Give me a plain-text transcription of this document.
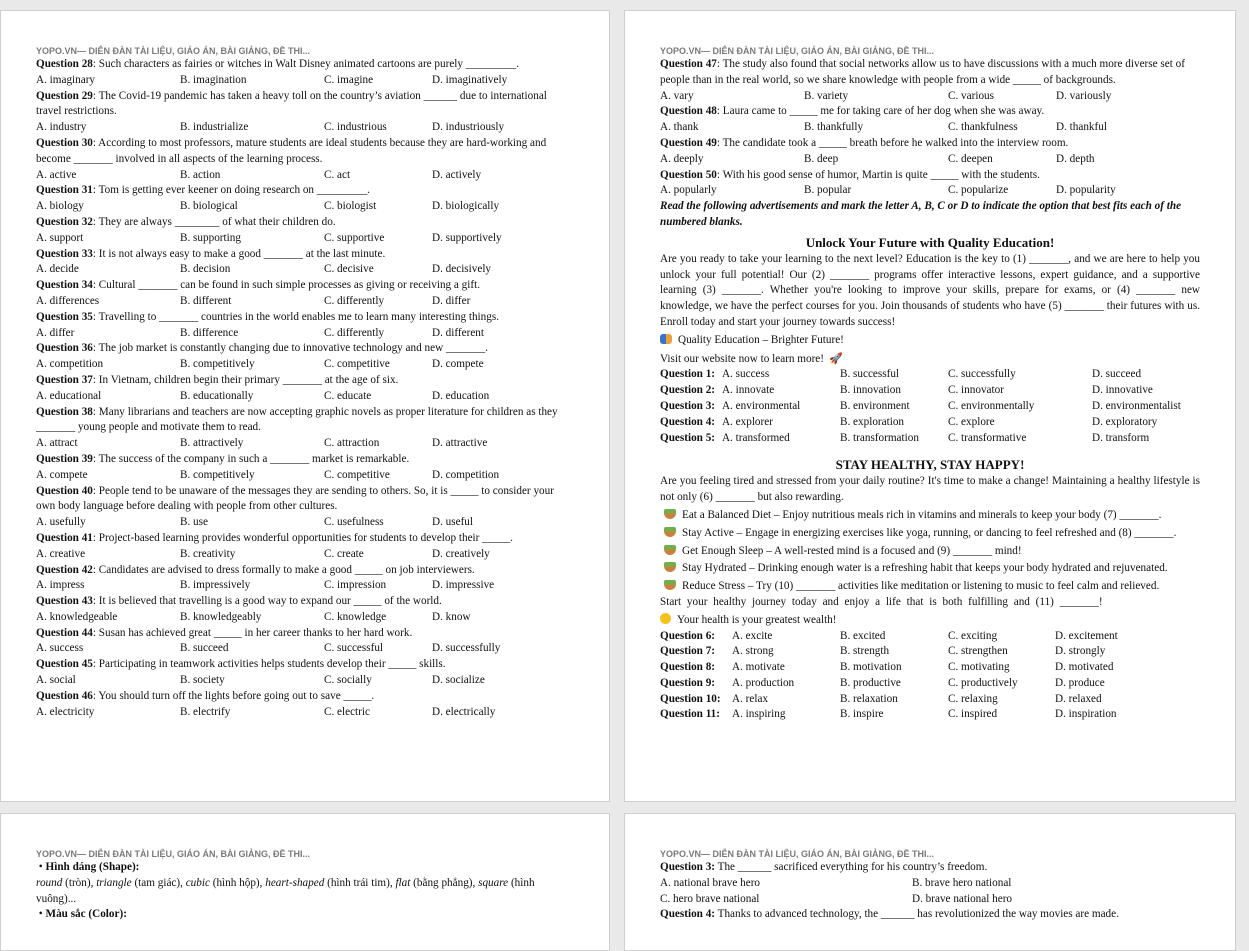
YOPO.VN— DIỄN ĐÀN TÀI LIỆU, GIÁO ÁN, BÀI GIẢNG, ĐỀ THI...
Question 28: Such characters as fairies or witches in Walt Disney animated cartoons are purely _________.
A. imaginary	B. imagination	C. imagine	D. imaginatively
Question 29: The Covid-19 pandemic has taken a heavy toll on the country’s aviation ______ due to international travel restrictions.
A. industry	B. industrialize	C. industrious	D. industriously
Question 30: According to most professors, mature students are ideal students because they are hard-working and become _______ involved in all aspects of the learning process.
A. active	B. action	C. act	D. actively
Question 31: Tom is getting ever keener on doing research on _________.
A. biology	B. biological	C. biologist	D. biologically
Question 32: They are always ________ of what their children do.
A. support	B. supporting	C. supportive	D. supportively
Question 33: It is not always easy to make a good _______ at the last minute.
A. decide	B. decision	C. decisive	D. decisively
Question 34: Cultural _______ can be found in such simple processes as giving or receiving a gift.
A. differences	B. different	C. differently	D. differ
Question 35: Travelling to _______ countries in the world enables me to learn many interesting things.
A. differ	B. difference	C. differently	D. different
Question 36: The job market is constantly changing due to innovative technology and new _______.
A. competition	B. competitively	C. competitive	D. compete
Question 37: In Vietnam, children begin their primary _______ at the age of six.
A. educational	B. educationally	C. educate	D. education
Question 38: Many librarians and teachers are now accepting graphic novels as proper literature for children as they _______ young people and motivate them to read.
A. attract	B. attractively	C. attraction	D. attractive
Question 39: The success of the company in such a _______ market is remarkable.
A. compete	B. competitively	C. competitive	D. competition
Question 40: People tend to be unaware of the messages they are sending to others. So, it is _____ to consider your own body language before dealing with people from other cultures.
A. usefully	B. use	C. usefulness	D. useful
Question 41: Project-based learning provides wonderful opportunities for students to develop their _____.
A. creative	B. creativity	C. create	D. creatively
Question 42: Candidates are advised to dress formally to make a good _____ on job interviewers.
A. impress	B. impressively	C. impression	D. impressive
Question 43: It is believed that travelling is a good way to expand our _____ of the world.
A. knowledgeable	B. knowledgeably	C. knowledge	D. know
Question 44: Susan has achieved great _____ in her career thanks to her hard work.
A. success	B. succeed	C. successful	D. successfully
Question 45: Participating in teamwork activities helps students develop their _____ skills.
A. social	B. society	C. socially	D. socialize
Question 46: You should turn off the lights before going out to save _____.
A. electricity	B. electrify	C. electric	D. electrically
YOPO.VN— DIỄN ĐÀN TÀI LIỆU, GIÁO ÁN, BÀI GIẢNG, ĐỀ THI...
Question 47: The study also found that social networks allow us to have discussions with a much more diverse set of people than in the real world, so we share knowledge with people from a wide _____ of backgrounds.
A. vary	B. variety	C. various	D. variously
Question 48: Laura came to _____ me for taking care of her dog when she was away.
A. thank	B. thankfully	C. thankfulness	D. thankful
Question 49: The candidate took a _____ breath before he walked into the interview room.
A. deeply	B. deep	C. deepen	D. depth
Question 50: With his good sense of humor, Martin is quite _____ with the students.
A. popularly	B. popular	C. popularize	D. popularity
Read the following advertisements and mark the letter A, B, C or D to indicate the option that best fits each of the numbered blanks.
Unlock Your Future with Quality Education!
Are you ready to take your learning to the next level? Education is the key to (1) _______, and we are here to help you unlock your full potential! Our (2) _______ programs offer interactive lessons, expert guidance, and a supportive learning (3) _______. Whether you're looking to improve your skills, prepare for exams, or (4) _______ new knowledge, we have the perfect courses for you. Join thousands of students who have (5) _______ their futures with us. Enroll today and start your journey towards success!
Quality Education – Brighter Future!
Visit our website now to learn more! 🚀
Question 1: A. success	B. successful	C. successfully	D. succeed
Question 2: A. innovate	B. innovation	C. innovator	D. innovative
Question 3: A. environmental	B. environment	C. environmentally	D. environmentalist
Question 4: A. explorer	B. exploration	C. explore	D. exploratory
Question 5: A. transformed	B. transformation	C. transformative	D. transform
STAY HEALTHY, STAY HAPPY!
Are you feeling tired and stressed from your daily routine? It's time to make a change! Maintaining a healthy lifestyle is not only (6) _______ but also rewarding.
Eat a Balanced Diet – Enjoy nutritious meals rich in vitamins and minerals to keep your body (7) _______.
Stay Active – Engage in energizing exercises like yoga, running, or dancing to feel refreshed and (8) _______.
Get Enough Sleep – A well-rested mind is a focused and (9) _______ mind!
Stay Hydrated – Drinking enough water is a refreshing habit that keeps your body hydrated and rejuvenated.
Reduce Stress – Try (10) _______ activities like meditation or listening to music to feel calm and relieved.
Start your healthy journey today and enjoy a life that is both fulfilling and (11) _______!
Your health is your greatest wealth!
Question 6:	A. excite	B. excited	C. exciting	D. excitement
Question 7:	A. strong	B. strength	C. strengthen	D. strongly
Question 8:	A. motivate	B. motivation	C. motivating	D. motivated
Question 9:	A. production	B. productive	C. productively	D. produce
Question 10:	A. relax	B. relaxation	C. relaxing	D. relaxed
Question 11:	A. inspiring	B. inspire	C. inspired	D. inspiration
YOPO.VN— DIỄN ĐÀN TÀI LIỆU, GIÁO ÁN, BÀI GIẢNG, ĐỀ THI...
• Hình dáng (Shape):
round (tròn), triangle (tam giác), cubic (hình hộp), heart-shaped (hình trái tim), flat (bằng phẳng), square (hình
vuông)...
• Màu sắc (Color):
YOPO.VN— DIỄN ĐÀN TÀI LIỆU, GIÁO ÁN, BÀI GIẢNG, ĐỀ THI...
Question 3: The ______ sacrificed everything for his country’s freedom.
A. national brave hero	B. brave hero national
C. hero brave national	D. brave national hero
Question 4: Thanks to advanced technology, the ______ has revolutionized the way movies are made.
